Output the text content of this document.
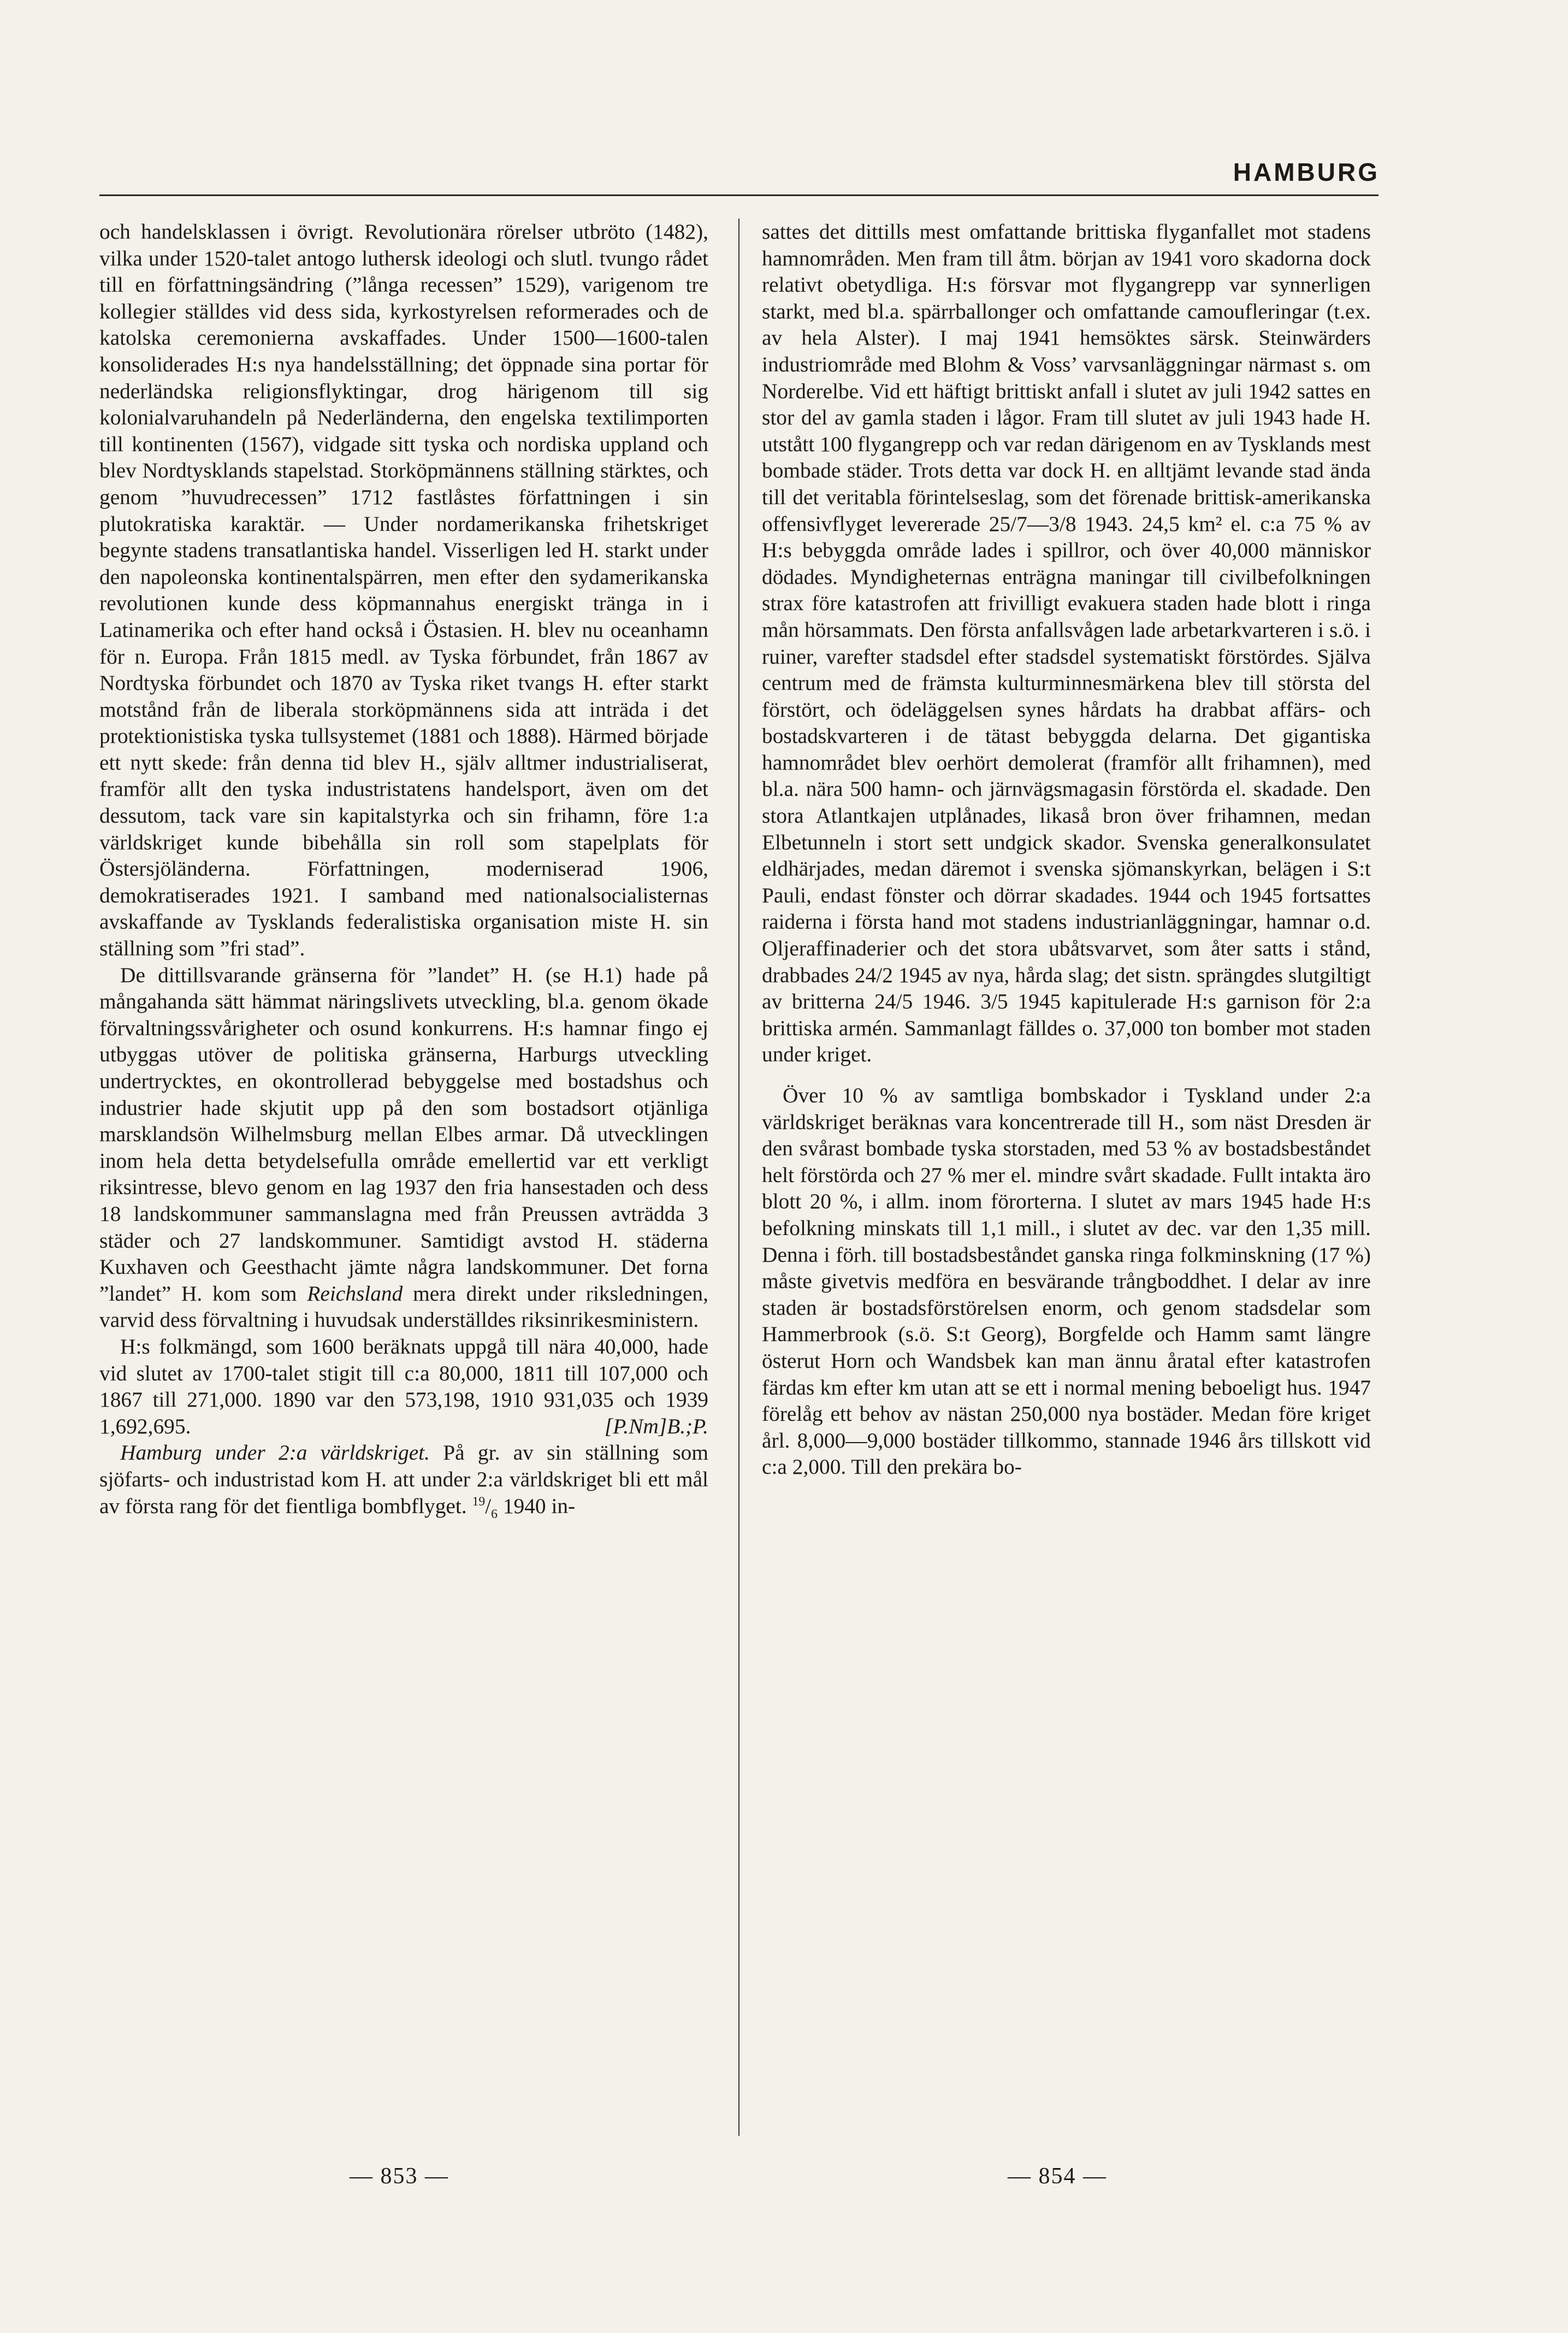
HAMBURG

och handelsklassen i övrigt. Revolutionära rörelser utbröto (1482), vilka under 1520-talet antogo luthersk ideologi och slutl. tvungo rådet till en författningsändring (”långa recessen” 1529), varigenom tre kollegier ställdes vid dess sida, kyrkostyrelsen reformerades och de katolska ceremonierna avskaffades. Under 1500—1600-talen konsoliderades H:s nya handelsställning; det öppnade sina portar för nederländska religionsflyktingar, drog härigenom till sig kolonialvaruhandeln på Nederländerna, den engelska textilimporten till kontinenten (1567), vidgade sitt tyska och nordiska uppland och blev Nordtysklands stapelstad. Storköpmännens ställning stärktes, och genom ”huvudrecessen” 1712 fastlåstes författningen i sin plutokratiska karaktär. — Under nordamerikanska frihetskriget begynte stadens transatlantiska handel. Visserligen led H. starkt under den napoleonska kontinentalspärren, men efter den sydamerikanska revolutionen kunde dess köpmannahus energiskt tränga in i Latinamerika och efter hand också i Östasien. H. blev nu oceanhamn för n. Europa. Från 1815 medl. av Tyska förbundet, från 1867 av Nordtyska förbundet och 1870 av Tyska riket tvangs H. efter starkt motstånd från de liberala storköpmännens sida att inträda i det protektionistiska tyska tullsystemet (1881 och 1888). Härmed började ett nytt skede: från denna tid blev H., själv alltmer industrialiserat, framför allt den tyska industristatens handelsport, även om det dessutom, tack vare sin kapitalstyrka och sin frihamn, före 1:a världskriget kunde bibehålla sin roll som stapelplats för Östersjöländerna. Författningen, moderniserad 1906, demokratiserades 1921. I samband med nationalsocialisternas avskaffande av Tysklands federalistiska organisation miste H. sin ställning som ”fri stad”.

De dittillsvarande gränserna för ”landet” H. (se H.1) hade på mångahanda sätt hämmat näringslivets utveckling, bl.a. genom ökade förvaltningssvårigheter och osund konkurrens. H:s hamnar fingo ej utbyggas utöver de politiska gränserna, Harburgs utveckling undertrycktes, en okontrollerad bebyggelse med bostadshus och industrier hade skjutit upp på den som bostadsort otjänliga marsklandsön Wilhelmsburg mellan Elbes armar. Då utvecklingen inom hela detta betydelsefulla område emellertid var ett verkligt riksintresse, blevo genom en lag 1937 den fria hansestaden och dess 18 landskommuner sammanslagna med från Preussen avträdda 3 städer och 27 landskommuner. Samtidigt avstod H. städerna Kuxhaven och Geesthacht jämte några landskommuner. Det forna ”landet” H. kom som Reichsland mera direkt under riksledningen, varvid dess förvaltning i huvudsak underställdes riksinrikesministern.

H:s folkmängd, som 1600 beräknats uppgå till nära 40,000, hade vid slutet av 1700-talet stigit till c:a 80,000, 1811 till 107,000 och 1867 till 271,000. 1890 var den 573,198, 1910 931,035 och 1939 1,692,695.	[P.Nm]B.;P.

Hamburg under 2:a världskriget. På gr. av sin ställning som sjöfarts- och industristad kom H. att under 2:a världskriget bli ett mål av första rang för det fientliga bombflyget. $^{19}/_6$ 1940 in-

sattes det dittills mest omfattande brittiska flyganfallet mot stadens hamnområden. Men fram till åtm. början av 1941 voro skadorna dock relativt obetydliga. H:s försvar mot flygangrepp var synnerligen starkt, med bl.a. spärrballonger och omfattande camoufleringar (t.ex. av hela Alster). I maj 1941 hemsöktes särsk. Steinwärders industriområde med Blohm & Voss’ varvsanläggningar närmast s. om Norderelbe. Vid ett häftigt brittiskt anfall i slutet av juli 1942 sattes en stor del av gamla staden i lågor. Fram till slutet av juli 1943 hade H. utstått 100 flygangrepp och var redan därigenom en av Tysklands mest bombade städer. Trots detta var dock H. en alltjämt levande stad ända till det veritabla förintelseslag, som det förenade brittisk-amerikanska offensivflyget levererade 25/7—3/8 1943. 24,5 km² el. c:a 75 % av H:s bebyggda område lades i spillror, och över 40,000 människor dödades. Myndigheternas enträgna maningar till civilbefolkningen strax före katastrofen att frivilligt evakuera staden hade blott i ringa mån hörsammats. Den första anfallsvågen lade arbetarkvarteren i s.ö. i ruiner, varefter stadsdel efter stadsdel systematiskt förstördes. Själva centrum med de främsta kulturminnesmärkena blev till största del förstört, och ödeläggelsen synes hårdats ha drabbat affärs- och bostadskvarteren i de tätast bebyggda delarna. Det gigantiska hamnområdet blev oerhört demolerat (framför allt frihamnen), med bl.a. nära 500 hamn- och järnvägsmagasin förstörda el. skadade. Den stora Atlantkajen utplånades, likaså bron över frihamnen, medan Elbetunneln i stort sett undgick skador. Svenska generalkonsulatet eldhärjades, medan däremot i svenska sjömanskyrkan, belägen i S:t Pauli, endast fönster och dörrar skadades. 1944 och 1945 fortsattes raiderna i första hand mot stadens industrianläggningar, hamnar o.d. Oljeraffinaderier och det stora ubåtsvarvet, som åter satts i stånd, drabbades 24/2 1945 av nya, hårda slag; det sistn. sprängdes slutgiltigt av britterna 24/5 1946. 3/5 1945 kapitulerade H:s garnison för 2:a brittiska armén. Sammanlagt fälldes o. 37,000 ton bomber mot staden under kriget.

Över 10 % av samtliga bombskador i Tyskland under 2:a världskriget beräknas vara koncentrerade till H., som näst Dresden är den svårast bombade tyska storstaden, med 53 % av bostadsbeståndet helt förstörda och 27 % mer el. mindre svårt skadade. Fullt intakta äro blott 20 %, i allm. inom förorterna. I slutet av mars 1945 hade H:s befolkning minskats till 1,1 mill., i slutet av dec. var den 1,35 mill. Denna i förh. till bostadsbeståndet ganska ringa folkminskning (17 %) måste givetvis medföra en besvärande trångboddhet. I delar av inre staden är bostadsförstörelsen enorm, och genom stadsdelar som Hammerbrook (s.ö. S:t Georg), Borgfelde och Hamm samt längre österut Horn och Wandsbek kan man ännu åratal efter katastrofen färdas km efter km utan att se ett i normal mening beboeligt hus. 1947 förelåg ett behov av nästan 250,000 nya bostäder. Medan före kriget årl. 8,000—9,000 bostäder tillkommo, stannade 1946 års tillskott vid c:a 2,000. Till den prekära bo-

— 853 —	— 854 —
